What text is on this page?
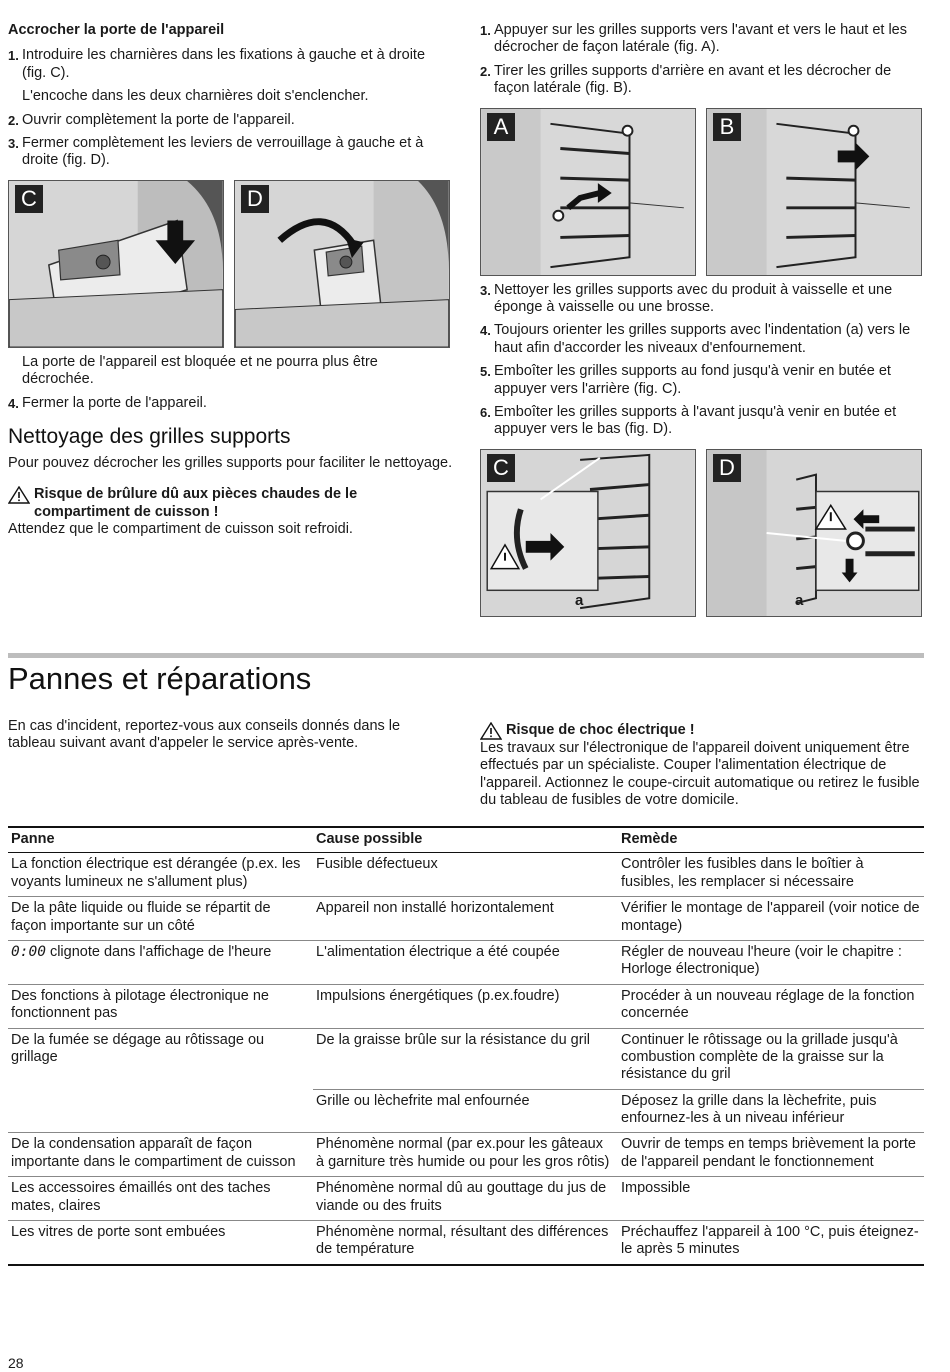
Accrocher la porte de l'appareil
1. Introduire les charnières dans les fixations à gauche et à droite (fig. C).
L'encoche dans les deux charnières doit s'enclencher.
2. Ouvrir complètement la porte de l'appareil.
3. Fermer complètement les leviers de verrouillage à gauche et à droite (fig. D).
C	D
La porte de l'appareil est bloquée et ne pourra plus être décrochée.
4. Fermer la porte de l'appareil.
Nettoyage des grilles supports
Pour pouvez décrocher les grilles supports pour faciliter le nettoyage.
Risque de brûlure dû aux pièces chaudes de le compartiment de cuisson !
Attendez que le compartiment de cuisson soit refroidi.
1. Appuyer sur les grilles supports vers l'avant et vers le haut et les décrocher de façon latérale (fig. A).
2. Tirer les grilles supports d'arrière en avant et les décrocher de façon latérale (fig. B).
A	B
3. Nettoyer les grilles supports avec du produit à vaisselle et une éponge à vaisselle ou une brosse.
4. Toujours orienter les grilles supports avec l'indentation (a) vers le haut afin d'accorder les niveaux d'enfournement.
5. Emboîter les grilles supports au fond jusqu'à venir en butée et appuyer vers l'arrière (fig. C).
6. Emboîter les grilles supports à l'avant jusqu'à venir en butée et appuyer vers le bas (fig. D).
C
a
D
a
Pannes et réparations
En cas d'incident, reportez-vous aux conseils donnés dans le tableau suivant avant d'appeler le service après-vente.
Risque de choc électrique !
Les travaux sur l'électronique de l'appareil doivent uniquement être effectués par un spécialiste. Couper l'alimentation électrique de l'appareil. Actionnez le coupe-circuit automatique ou retirez le fusible du tableau de fusibles de votre domicile.
Panne	Cause possible	Remède
La fonction électrique est dérangée (p.ex. les voyants lumineux ne s'allument plus)	Fusible défectueux	Contrôler les fusibles dans le boîtier à fusibles, les remplacer si nécessaire
De la pâte liquide ou fluide se répartit de façon importante sur un côté	Appareil non installé horizontalement	Vérifier le montage de l'appareil (voir notice de montage)
0:00 clignote dans l'affichage de l'heure	L'alimentation électrique a été coupée	Régler de nouveau l'heure (voir le chapitre : Horloge électronique)
Des fonctions à pilotage électronique ne fonctionnent pas	Impulsions énergétiques (p.ex.foudre)	Procéder à un nouveau réglage de la fonction concernée
De la fumée se dégage au rôtissage ou grillage	De la graisse brûle sur la résistance du gril	Continuer le rôtissage ou la grillade jusqu'à combustion complète de la graisse sur la résistance du gril
	Grille ou lèchefrite mal enfournée	Déposez la grille dans la lèchefrite, puis enfournez-les à un niveau inférieur
De la condensation apparaît de façon importante dans le compartiment de cuisson	Phénomène normal (par ex.pour les gâteaux à garniture très humide ou pour les gros rôtis)	Ouvrir de temps en temps brièvement la porte de l'appareil pendant le fonctionnement
Les accessoires émaillés ont des taches mates, claires	Phénomène normal dû au gouttage du jus de viande ou des fruits	Impossible
Les vitres de porte sont embuées	Phénomène normal, résultant des différences de température	Préchauffez l'appareil à 100 °C, puis éteignez-le après 5 minutes
28
